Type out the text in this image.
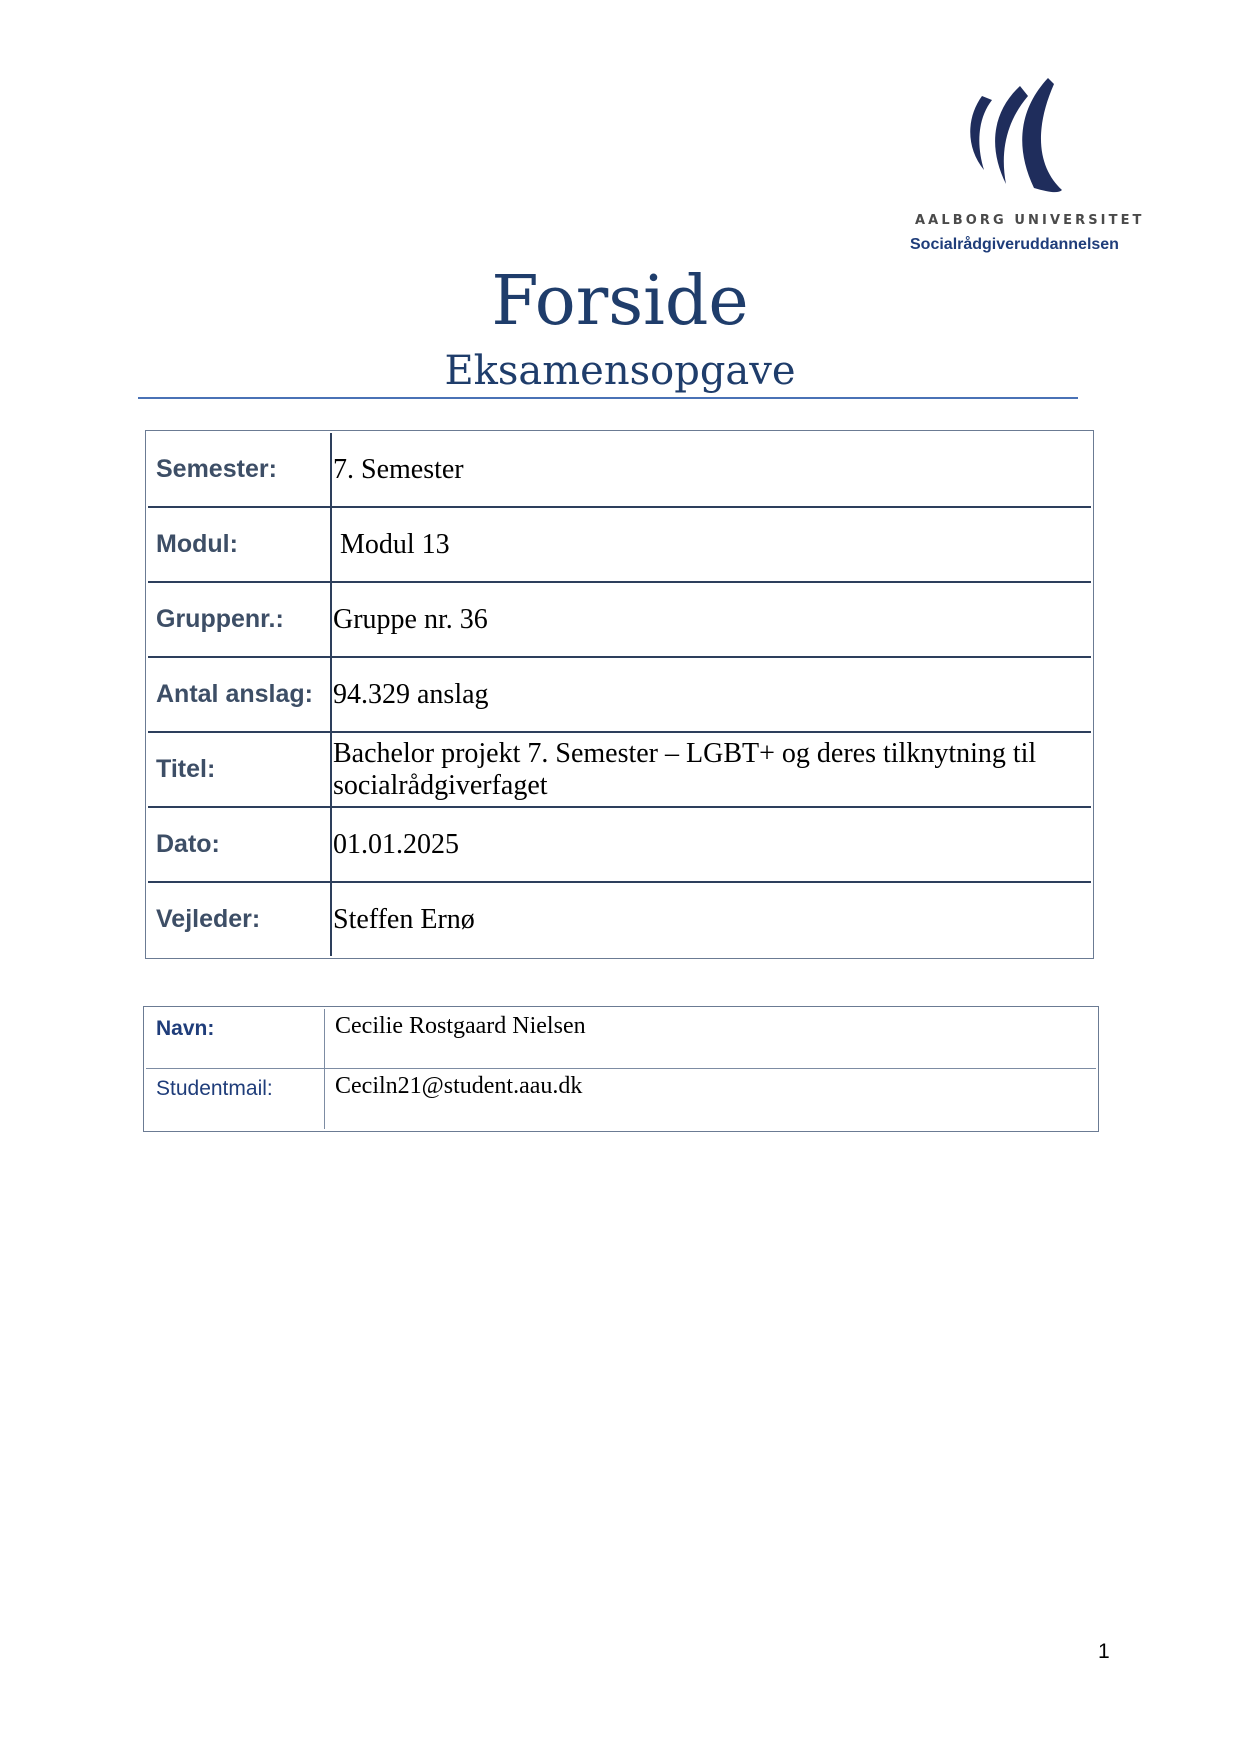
AALBORG UNIVERSITET
Socialrådgiveruddannelsen
Forside
Eksamensopgave
Semester:	7. Semester
Modul:	Modul 13
Gruppenr.:	Gruppe nr. 36
Antal anslag:	94.329 anslag
Titel:	Bachelor projekt 7. Semester – LGBT+ og deres tilknytning til socialrådgiverfaget
Dato:	01.01.2025
Vejleder:	Steffen Ernø
Navn:	Cecilie Rostgaard Nielsen
Studentmail:	Ceciln21@student.aau.dk
1
